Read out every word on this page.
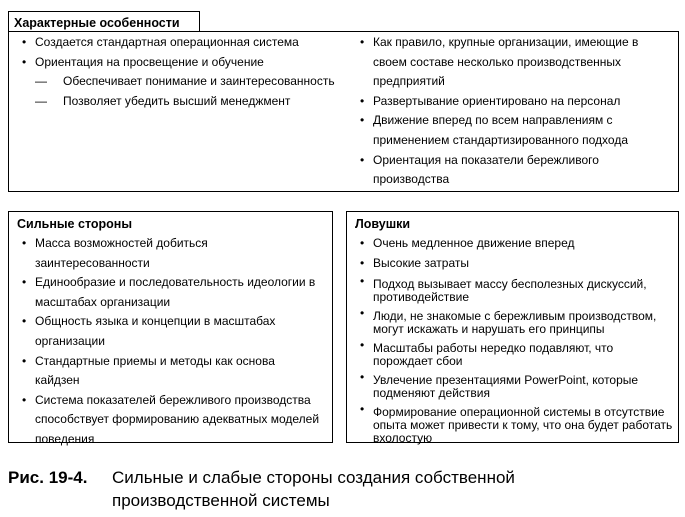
Характерные особенности
• Создается стандартная операционная система
• Ориентация на просвещение и обучение
— Обеспечивает понимание и заинтересованность
— Позволяет убедить высший менеджмент
• Как правило, крупные организации, имеющие в своем составе несколько производственных предприятий
• Развертывание ориентировано на персонал
• Движение вперед по всем направлениям с применением стандартизированного подхода
• Ориентация на показатели бережливого производства
Сильные стороны
• Масса возможностей добиться заинтересованности
• Единообразие и последовательность идеологии в масштабах организации
• Общность языка и концепции в масштабах организации
• Стандартные приемы и методы как основа кайдзен
• Система показателей бережливого производства способствует формированию адекватных моделей поведения
Ловушки
• Очень медленное движение вперед
• Высокие затраты
• Подход вызывает массу бесполезных дискуссий, противодействие
• Люди, не знакомые с бережливым производством, могут искажать и нарушать его принципы
• Масштабы работы нередко подавляют, что порождает сбои
• Увлечение презентациями PowerPoint, которые подменяют действия
• Формирование операционной системы в отсутствие опыта может привести к тому, что она будет работать вхолостую
Рис. 19-4. Сильные и слабые стороны создания собственной производственной системы
